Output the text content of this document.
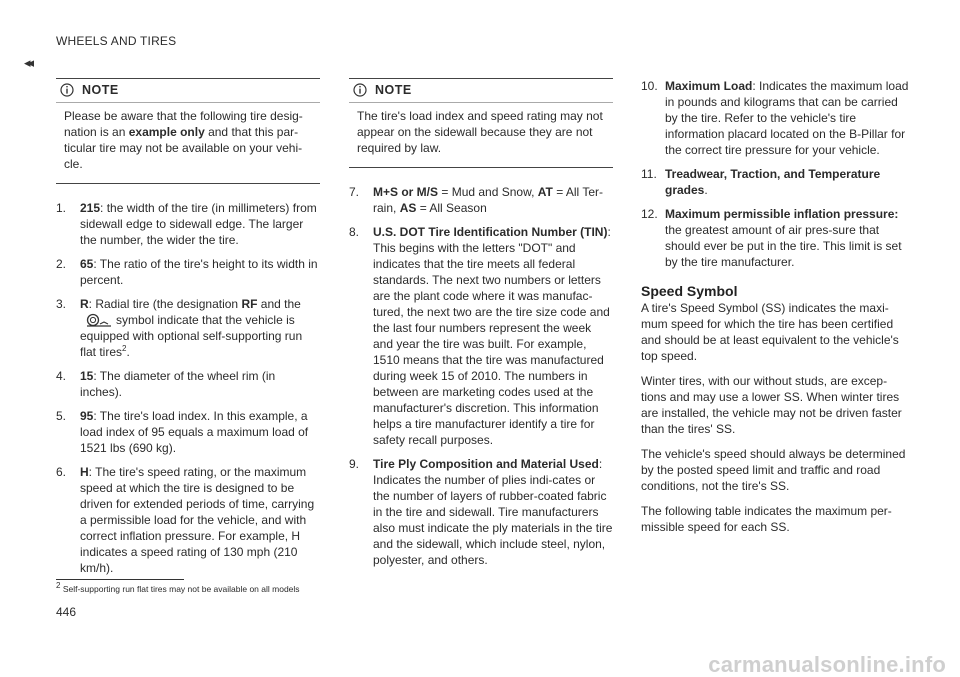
WHEELS AND TIRES
◂◂
NOTE
Please be aware that the following tire desig-nation is an example only and that this par-ticular tire may not be available on your vehi-cle.
1.	215: the width of the tire (in millimeters) from sidewall edge to sidewall edge. The larger the number, the wider the tire.
2.	65: The ratio of the tire's height to its width in percent.
3.	R: Radial tire (the designation RF and the
symbol indicate that the vehicle is equipped with optional self-supporting run flat tires$^2$.
4.	15: The diameter of the wheel rim (in inches).
5.	95: The tire's load index. In this example, a load index of 95 equals a maximum load of 1521 lbs (690 kg).
6.	H: The tire's speed rating, or the maximum speed at which the tire is designed to be driven for extended periods of time, carrying a permissible load for the vehicle, and with correct inflation pressure. For example, H indicates a speed rating of 130 mph (210 km/h).
NOTE
The tire's load index and speed rating may not appear on the sidewall because they are not required by law.
7.	M+S or M/S = Mud and Snow, AT = All Ter-rain, AS = All Season
8.	U.S. DOT Tire Identification Number (TIN): This begins with the letters "DOT" and indicates that the tire meets all federal standards. The next two numbers or letters are the plant code where it was manufac-tured, the next two are the tire size code and the last four numbers represent the week and year the tire was built. For example, 1510 means that the tire was manufactured during week 15 of 2010. The numbers in between are marketing codes used at the manufacturer's discretion. This information helps a tire manufacturer identify a tire for safety recall purposes.
9.	Tire Ply Composition and Material Used: Indicates the number of plies indi-cates or the number of layers of rubber-coated fabric in the tire and sidewall. Tire manufacturers also must indicate the ply materials in the tire and the sidewall, which include steel, nylon, polyester, and others.
10. Maximum Load: Indicates the maximum load in pounds and kilograms that can be carried by the tire. Refer to the vehicle's tire information placard located on the B-Pillar for the correct tire pressure for your vehicle.
11. Treadwear, Traction, and Temperature grades.
12. Maximum permissible inflation pressure: the greatest amount of air pres-sure that should ever be put in the tire. This limit is set by the tire manufacturer.
Speed Symbol

A tire's Speed Symbol (SS) indicates the maxi-mum speed for which the tire has been certified and should be at least equivalent to the vehicle's top speed.

Winter tires, with our without studs, are excep-tions and may use a lower SS. When winter tires are installed, the vehicle may not be driven faster than the tires' SS.

The vehicle's speed should always be determined by the posted speed limit and traffic and road conditions, not the tire's SS.

The following table indicates the maximum per-missible speed for each SS.

$^2$ Self-supporting run flat tires may not be available on all models
446
carmanualsonline.info
